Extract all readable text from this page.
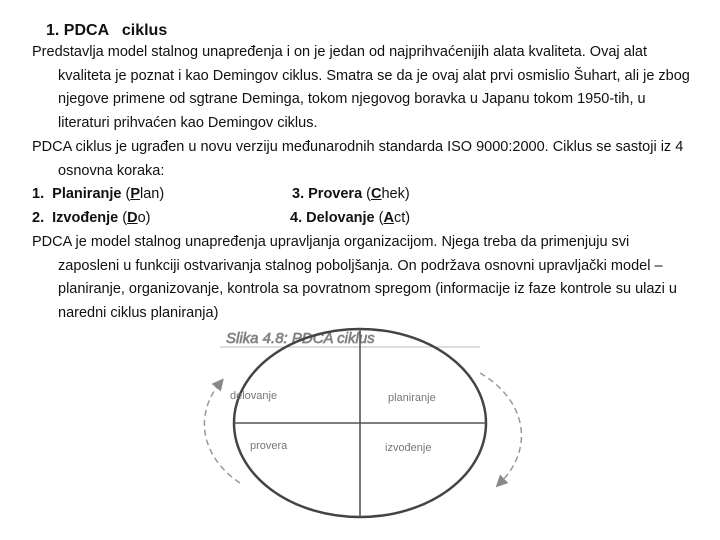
1. PDCA   ciklus
Predstavlja model stalnog unapređenja i on je jedan od najprihvaćenijih alata kvaliteta. Ovaj alat kvaliteta je poznat i kao Demingov ciklus. Smatra se da je ovaj alat prvi osmislio Šuhart, ali je zbog njegove primene od sgtrane Deminga, tokom njegovog boravka u Japanu tokom 1950-tih, u literaturi prihvaćen kao Demingov ciklus.
PDCA ciklus je ugrađen u novu verziju međunarodnih standarda ISO 9000:2000. Ciklus se sastoji iz 4 osnovna koraka:
1. Planiranje (Plan)
2. Izvođenje (Do)
3. Provera (Chek)
4. Delovanje (Act)
PDCA je model stalnog unapređenja upravljanja organizacijom. Njega treba da primenjuju svi zaposleni u funkciji ostvarivanja stalnog poboljšanja. On podržava osnovni upravljački model – planiranje, organizovanje, kontrola sa povratnom spregom (informacije iz faze kontrole su ulazi u naredni ciklus planiranja)
Slika 4.8: PDCA ciklus
delovanje	planiranje
provera	izvođenje
